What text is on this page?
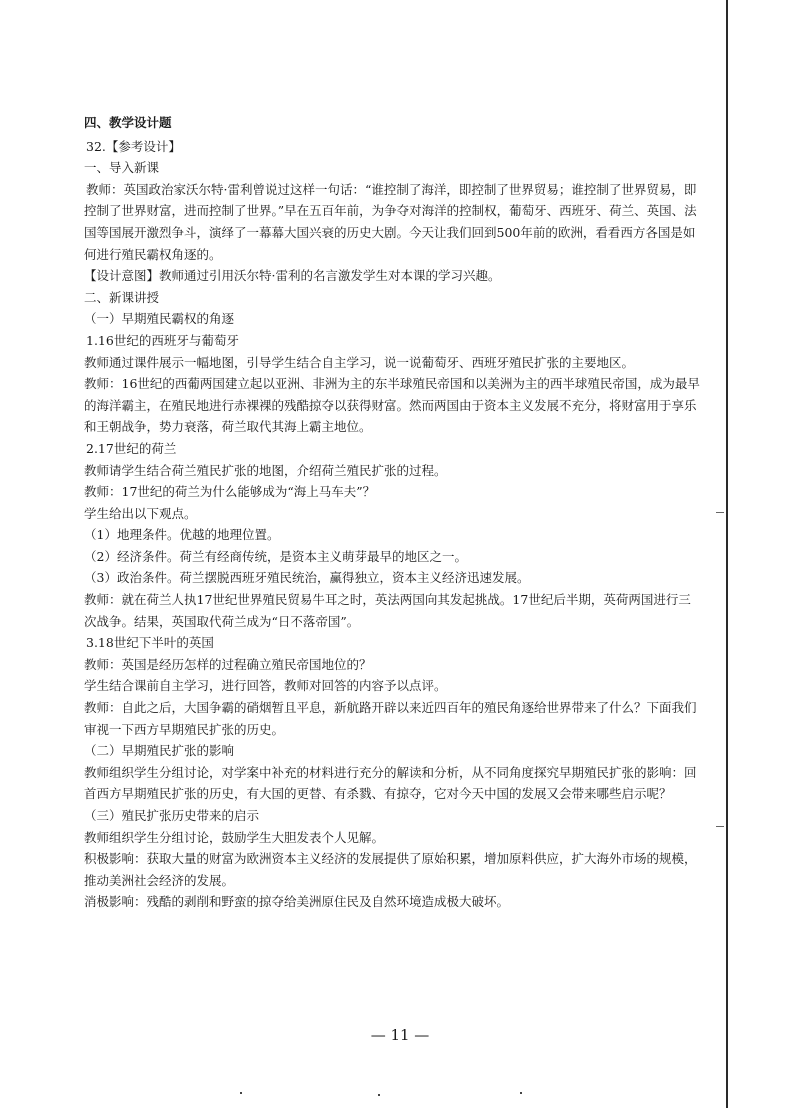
四、教学设计题

32.【参考设计】

一、导入新课

教师：英国政治家沃尔特·雷利曾说过这样一句话：“谁控制了海洋，即控制了世界贸易；谁控制了世界贸易，即控制了世界财富，进而控制了世界。”早在五百年前，为争夺对海洋的控制权，葡萄牙、西班牙、荷兰、英国、法国等国展开激烈争斗，演绎了一幕幕大国兴衰的历史大剧。今天让我们回到500年前的欧洲，看看西方各国是如何进行殖民霸权角逐的。

【设计意图】教师通过引用沃尔特·雷利的名言激发学生对本课的学习兴趣。

二、新课讲授

（一）早期殖民霸权的角逐

1.16世纪的西班牙与葡萄牙

教师通过课件展示一幅地图，引导学生结合自主学习，说一说葡萄牙、西班牙殖民扩张的主要地区。

教师：16世纪的西葡两国建立起以亚洲、非洲为主的东半球殖民帝国和以美洲为主的西半球殖民帝国，成为最早的海洋霸主，在殖民地进行赤裸裸的残酷掠夺以获得财富。然而两国由于资本主义发展不充分，将财富用于享乐和王朝战争，势力衰落，荷兰取代其海上霸主地位。

2.17世纪的荷兰

教师请学生结合荷兰殖民扩张的地图，介绍荷兰殖民扩张的过程。

教师：17世纪的荷兰为什么能够成为“海上马车夫”？

学生给出以下观点。

（1）地理条件。优越的地理位置。

（2）经济条件。荷兰有经商传统，是资本主义萌芽最早的地区之一。

（3）政治条件。荷兰摆脱西班牙殖民统治，赢得独立，资本主义经济迅速发展。

教师：就在荷兰人执17世纪世界殖民贸易牛耳之时，英法两国向其发起挑战。17世纪后半期，英荷两国进行三次战争。结果，英国取代荷兰成为“日不落帝国”。

3.18世纪下半叶的英国

教师：英国是经历怎样的过程确立殖民帝国地位的？

学生结合课前自主学习，进行回答，教师对回答的内容予以点评。

教师：自此之后，大国争霸的硝烟暂且平息，新航路开辟以来近四百年的殖民角逐给世界带来了什么？下面我们审视一下西方早期殖民扩张的历史。

（二）早期殖民扩张的影响

教师组织学生分组讨论，对学案中补充的材料进行充分的解读和分析，从不同角度探究早期殖民扩张的影响：回首西方早期殖民扩张的历史，有大国的更替、有杀戮、有掠夺，它对今天中国的发展又会带来哪些启示呢？

（三）殖民扩张历史带来的启示

教师组织学生分组讨论，鼓励学生大胆发表个人见解。

积极影响：获取大量的财富为欧洲资本主义经济的发展提供了原始积累，增加原料供应，扩大海外市场的规模，推动美洲社会经济的发展。

消极影响：残酷的剥削和野蛮的掠夺给美洲原住民及自然环境造成极大破坏。

— 11 —
